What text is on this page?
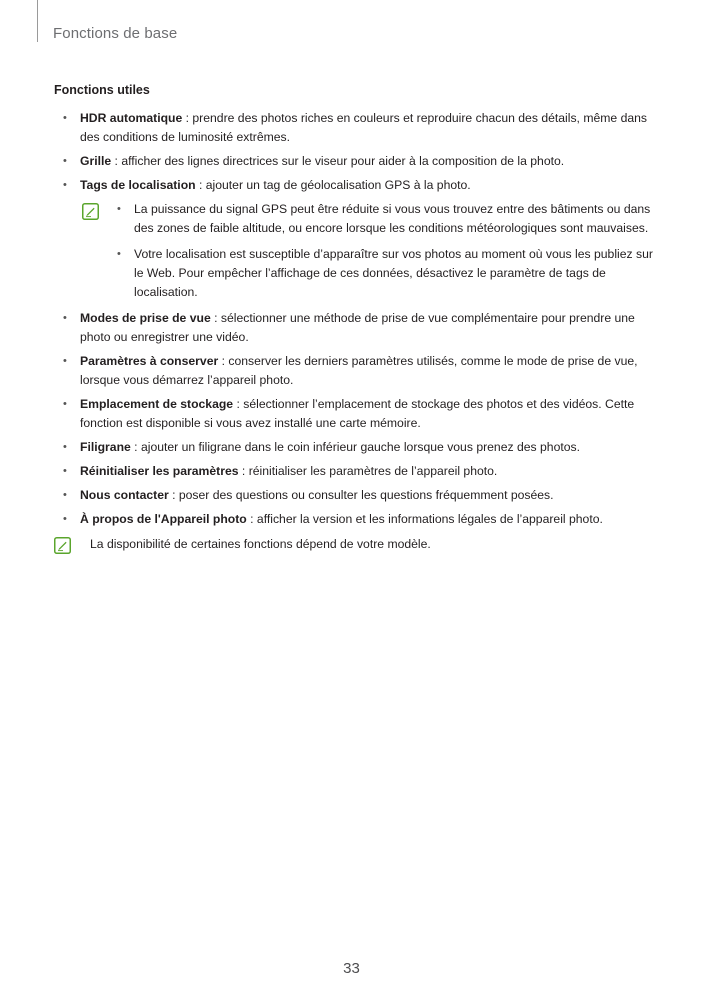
Fonctions de base
Fonctions utiles
• HDR automatique : prendre des photos riches en couleurs et reproduire chacun des détails, même dans des conditions de luminosité extrêmes.
• Grille : afficher des lignes directrices sur le viseur pour aider à la composition de la photo.
• Tags de localisation : ajouter un tag de géolocalisation GPS à la photo.
• La puissance du signal GPS peut être réduite si vous vous trouvez entre des bâtiments ou dans des zones de faible altitude, ou encore lorsque les conditions météorologiques sont mauvaises.
• Votre localisation est susceptible d’apparaître sur vos photos au moment où vous les publiez sur le Web. Pour empêcher l’affichage de ces données, désactivez le paramètre de tags de localisation.
• Modes de prise de vue : sélectionner une méthode de prise de vue complémentaire pour prendre une photo ou enregistrer une vidéo.
• Paramètres à conserver : conserver les derniers paramètres utilisés, comme le mode de prise de vue, lorsque vous démarrez l’appareil photo.
• Emplacement de stockage : sélectionner l’emplacement de stockage des photos et des vidéos. Cette fonction est disponible si vous avez installé une carte mémoire.
• Filigrane : ajouter un filigrane dans le coin inférieur gauche lorsque vous prenez des photos.
• Réinitialiser les paramètres : réinitialiser les paramètres de l’appareil photo.
• Nous contacter : poser des questions ou consulter les questions fréquemment posées.
• À propos de l'Appareil photo : afficher la version et les informations légales de l’appareil photo.
La disponibilité de certaines fonctions dépend de votre modèle.
33
